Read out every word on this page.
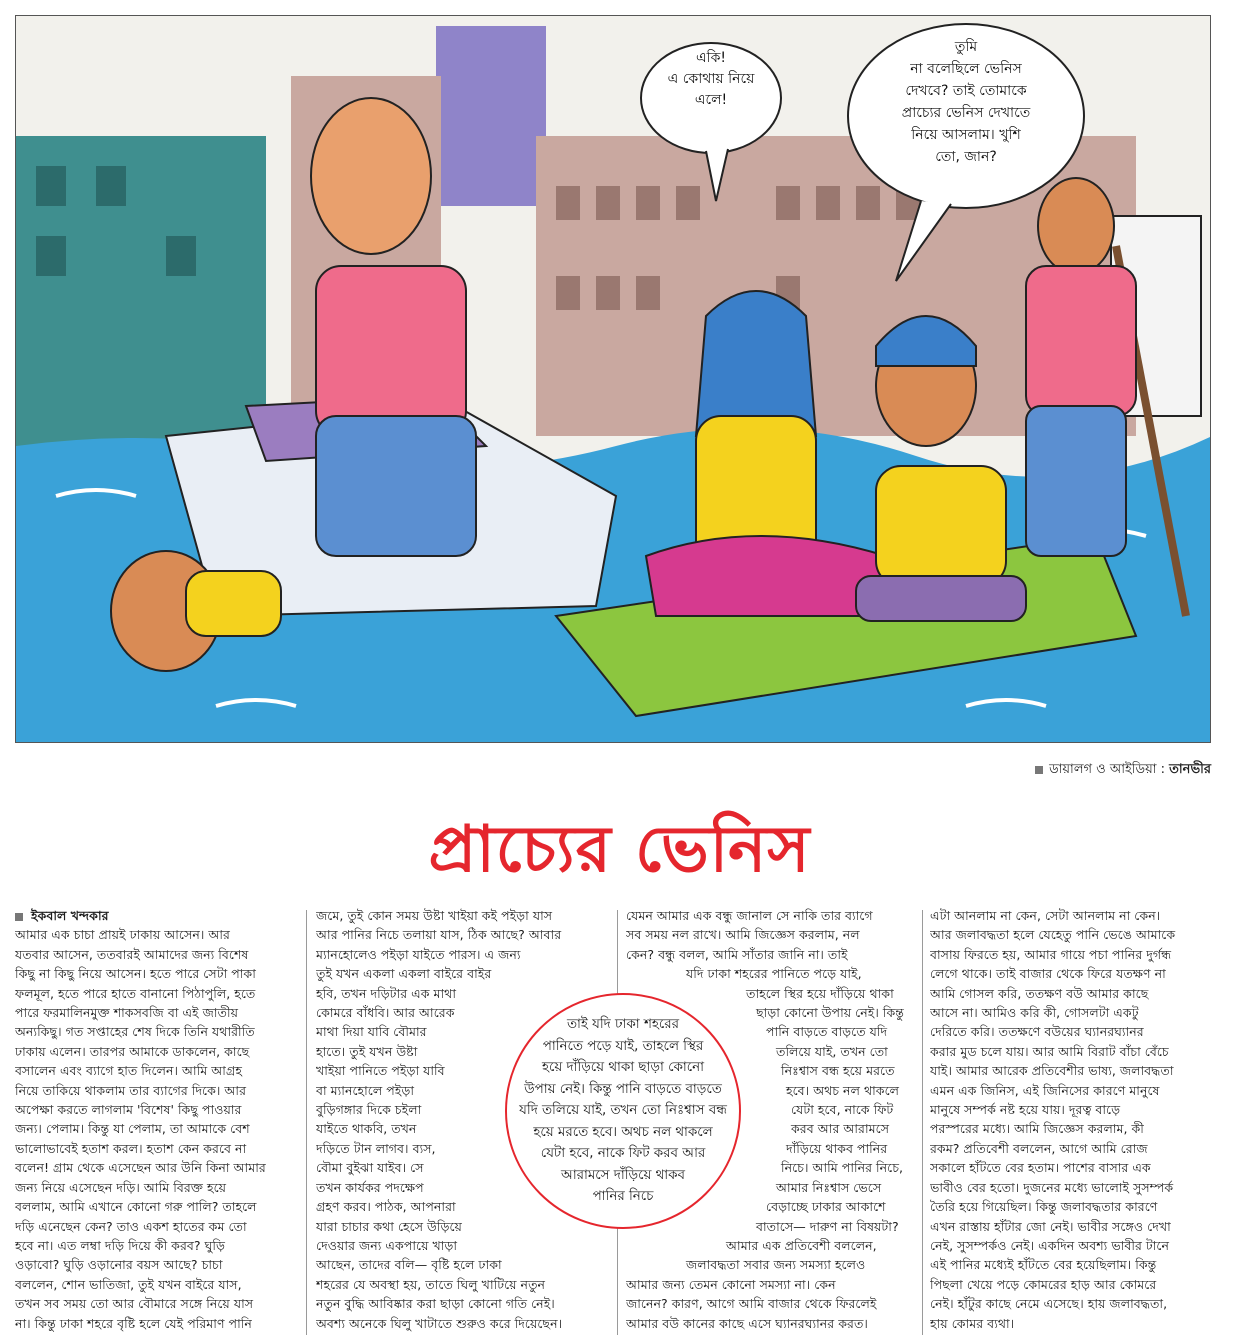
একি!
এ কোথায় নিয়ে
এলে!
তুমি
না বলেছিলে ভেনিস
দেখবে? তাই তোমাকে
প্রাচ্যের ভেনিস দেখাতে
নিয়ে আসলাম। খুশি
তো, জান?
ডায়ালগ ও আইডিয়া : তানভীর
প্রাচ্যের ভেনিস
ইকবাল খন্দকার
আমার এক চাচা প্রায়ই ঢাকায় আসেন। আর
যতবার আসেন, ততবারই আমাদের জন্য বিশেষ
কিছু না কিছু নিয়ে আসেন। হতে পারে সেটা পাকা
ফলমূল, হতে পারে হাতে বানানো পিঠাপুলি, হতে
পারে ফরমালিনমুক্ত শাকসবজি বা এই জাতীয়
অন্যকিছু। গত সপ্তাহের শেষ দিকে তিনি যথারীতি
ঢাকায় এলেন। তারপর আমাকে ডাকলেন, কাছে
বসালেন এবং ব্যাগে হাত দিলেন। আমি আগ্রহ
নিয়ে তাকিয়ে থাকলাম তার ব্যাগের দিকে। আর
অপেক্ষা করতে লাগলাম 'বিশেষ' কিছু পাওয়ার
জন্য। পেলাম। কিন্তু যা পেলাম, তা আমাকে বেশ
ভালোভাবেই হতাশ করল। হতাশ কেন করবে না
বলেন! গ্রাম থেকে এসেছেন আর উনি কিনা আমার
জন্য নিয়ে এসেছেন দড়ি। আমি বিরক্ত হয়ে
বললাম, আমি এখানে কোনো গরু পালি? তাহলে
দড়ি এনেছেন কেন? তাও একশ হাতের কম তো
হবে না। এত লম্বা দড়ি দিয়ে কী করব? ঘুড়ি
ওড়াবো? ঘুড়ি ওড়ানোর বয়স আছে? চাচা
বললেন, শোন ভাতিজা, তুই যখন বাইরে যাস,
তখন সব সময় তো আর বৌমারে সঙ্গে নিয়ে যাস
না। কিন্তু ঢাকা শহরে বৃষ্টি হলে যেই পরিমাণ পানি
জমে, তুই কোন সময় উষ্টা খাইয়া কই পইড়া যাস
আর পানির নিচে তলায়া যাস, ঠিক আছে? আবার
ম্যানহোলেও পইড়া যাইতে পারস। এ জন্য
তুই যখন একলা একলা বাইরে বাইর
হবি, তখন দড়িটার এক মাথা
কোমরে বাঁধবি। আর আরেক
মাথা দিয়া যাবি বৌমার
হাতে। তুই যখন উষ্টা
খাইয়া পানিতে পইড়া যাবি
বা ম্যানহোলে পইড়া
বুড়িগঙ্গার দিকে চইলা
যাইতে থাকবি, তখন
দড়িতে টান লাগব। ব্যস,
বৌমা বুইঝা যাইব। সে
তখন কার্যকর পদক্ষেপ
গ্রহণ করব। পাঠক, আপনারা
যারা চাচার কথা হেসে উড়িয়ে
দেওয়ার জন্য একপায়ে খাড়া
আছেন, তাদের বলি— বৃষ্টি হলে ঢাকা
শহরের যে অবস্থা হয়, তাতে ঘিলু খাটিয়ে নতুন
নতুন বুদ্ধি আবিষ্কার করা ছাড়া কোনো গতি নেই।
অবশ্য অনেকে ঘিলু খাটাতে শুরুও করে দিয়েছেন।
যেমন আমার এক বন্ধু জানাল সে নাকি তার ব্যাগে
সব সময় নল রাখে। আমি জিজ্ঞেস করলাম, নল
কেন? বন্ধু বলল, আমি সাঁতার জানি না। তাই
যদি ঢাকা শহরের পানিতে পড়ে যাই,
তাহলে স্থির হয়ে দাঁড়িয়ে থাকা
ছাড়া কোনো উপায় নেই। কিন্তু
পানি বাড়তে বাড়তে যদি
তলিয়ে যাই, তখন তো
নিঃশ্বাস বন্ধ হয়ে মরতে
হবে। অথচ নল থাকলে
যেটা হবে, নাকে ফিট
করব আর আরামসে
দাঁড়িয়ে থাকব পানির
নিচে। আমি পানির নিচে,
আমার নিঃশ্বাস ভেসে
বেড়াচ্ছে ঢাকার আকাশে
বাতাসে— দারুণ না বিষয়টা?
আমার এক প্রতিবেশী বললেন,
জলাবদ্ধতা সবার জন্য সমস্যা হলেও
আমার জন্য তেমন কোনো সমস্যা না। কেন
জানেন? কারণ, আগে আমি বাজার থেকে ফিরলেই
আমার বউ কানের কাছে এসে ঘ্যানরঘ্যানর করত।
এটা আনলাম না কেন, সেটা আনলাম না কেন।
আর জলাবদ্ধতা হলে যেহেতু পানি ভেঙে আমাকে
বাসায় ফিরতে হয়, আমার গায়ে পচা পানির দুর্গন্ধ
লেগে থাকে। তাই বাজার থেকে ফিরে যতক্ষণ না
আমি গোসল করি, ততক্ষণ বউ আমার কাছে
আসে না। আমিও করি কী, গোসলটা একটু
দেরিতে করি। ততক্ষণে বউয়ের ঘ্যানরঘ্যানর
করার মুড চলে যায়। আর আমি বিরাট বাঁচা বেঁচে
যাই। আমার আরেক প্রতিবেশীর ভাষ্য, জলাবদ্ধতা
এমন এক জিনিস, এই জিনিসের কারণে মানুষে
মানুষে সম্পর্ক নষ্ট হয়ে যায়। দূরত্ব বাড়ে
পরস্পরের মধ্যে। আমি জিজ্ঞেস করলাম, কী
রকম? প্রতিবেশী বললেন, আগে আমি রোজ
সকালে হাঁটতে বের হতাম। পাশের বাসার এক
ভাবীও বের হতো। দুজনের মধ্যে ভালোই সুসম্পর্ক
তৈরি হয়ে গিয়েছিল। কিন্তু জলাবদ্ধতার কারণে
এখন রাস্তায় হাঁটার জো নেই। ভাবীর সঙ্গেও দেখা
নেই, সুসম্পর্কও নেই। একদিন অবশ্য ভাবীর টানে
এই পানির মধ্যেই হাঁটতে বের হয়েছিলাম। কিন্তু
পিছলা খেয়ে পড়ে কোমরের হাড় আর কোমরে
নেই। হাঁটুর কাছে নেমে এসেছে। হায় জলাবদ্ধতা,
হায় কোমর ব্যথা।
তাই যদি ঢাকা শহরের
পানিতে পড়ে যাই, তাহলে স্থির
হয়ে দাঁড়িয়ে থাকা ছাড়া কোনো
উপায় নেই। কিন্তু পানি বাড়তে বাড়তে
যদি তলিয়ে যাই, তখন তো নিঃশ্বাস বন্ধ
হয়ে মরতে হবে। অথচ নল থাকলে
যেটা হবে, নাকে ফিট করব আর
আরামসে দাঁড়িয়ে থাকব
পানির নিচে
